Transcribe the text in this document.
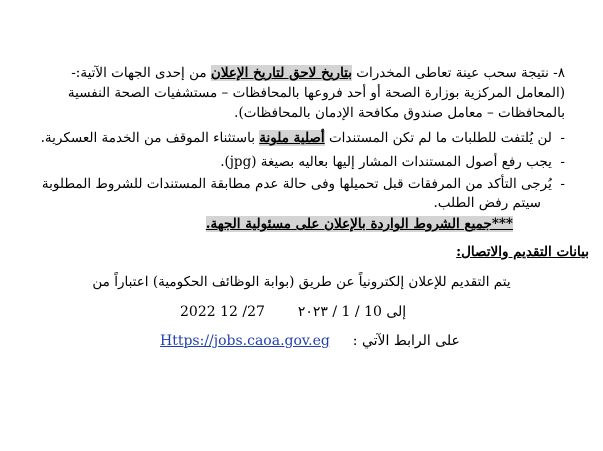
٨- نتيجة سحب عينة تعاطى المخدرات بتاريخ لاحق لتاريخ الإعلان من إحدى الجهات الآتية:-
(المعامل المركزية بوزارة الصحة أو أحد فروعها بالمحافظات – مستشفيات الصحة النفسية
بالمحافظات – معامل صندوق مكافحة الإدمان بالمحافظات).
-  لن يُلتفت للطلبات ما لم تكن المستندات أصلية ملونة باستثناء الموقف من الخدمة العسكرية.
-  يجب رفع أصول المستندات المشار إليها بعاليه بصيغة (jpg).
-  يُرجى التأكد من المرفقات قبل تحميلها وفى حالة عدم مطابقة المستندات للشروط المطلوبة
سيتم رفض الطلب.
***جميع الشروط الواردة بالإعلان على مسئولية الجهة.
بيانات التقديم والاتصال:
يتم التقديم للإعلان إلكترونياً عن طريق (بوابة الوظائف الحكومية) اعتباراً من
إلى 10 / 1 / ٢٠٢٣  27/ 12 2022
Https://jobs.caoa.gov.eg على الرابط الآتي :
